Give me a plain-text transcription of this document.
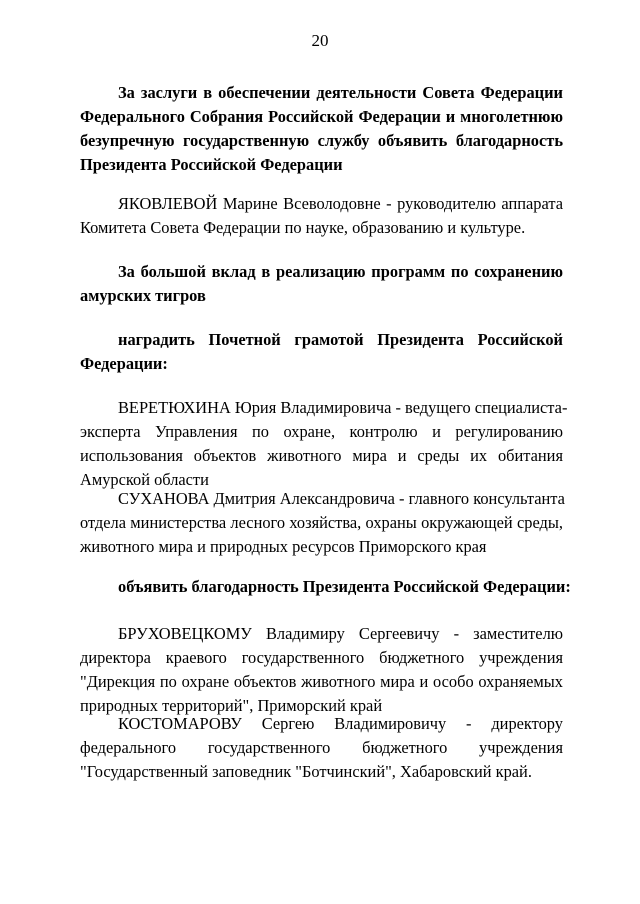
20
За заслуги в обеспечении деятельности Совета Федерации
Федерального Собрания Российской Федерации и многолетнюю
безупречную государственную службу объявить благодарность
Президента Российской Федерации
ЯКОВЛЕВОЙ Марине Всеволодовне - руководителю аппарата
Комитета Совета Федерации по науке, образованию и культуре.
За большой вклад в реализацию программ по сохранению
амурских тигров
наградить Почетной грамотой Президента Российской
Федерации:
ВЕРЕТЮХИНА Юрия Владимировича - ведущего специалиста-
эксперта Управления по охране, контролю и регулированию
использования объектов животного мира и среды их обитания
Амурской области
СУХАНОВА Дмитрия Александровича - главного консультанта
отдела министерства лесного хозяйства, охраны окружающей среды,
животного мира и природных ресурсов Приморского края
объявить благодарность Президента Российской Федерации:
БРУХОВЕЦКОМУ Владимиру Сергеевичу - заместителю
директора краевого государственного бюджетного учреждения
"Дирекция по охране объектов животного мира и особо охраняемых
природных территорий", Приморский край
КОСТОМАРОВУ Сергею Владимировичу - директору
федерального государственного бюджетного учреждения
"Государственный заповедник "Ботчинский", Хабаровский край.
